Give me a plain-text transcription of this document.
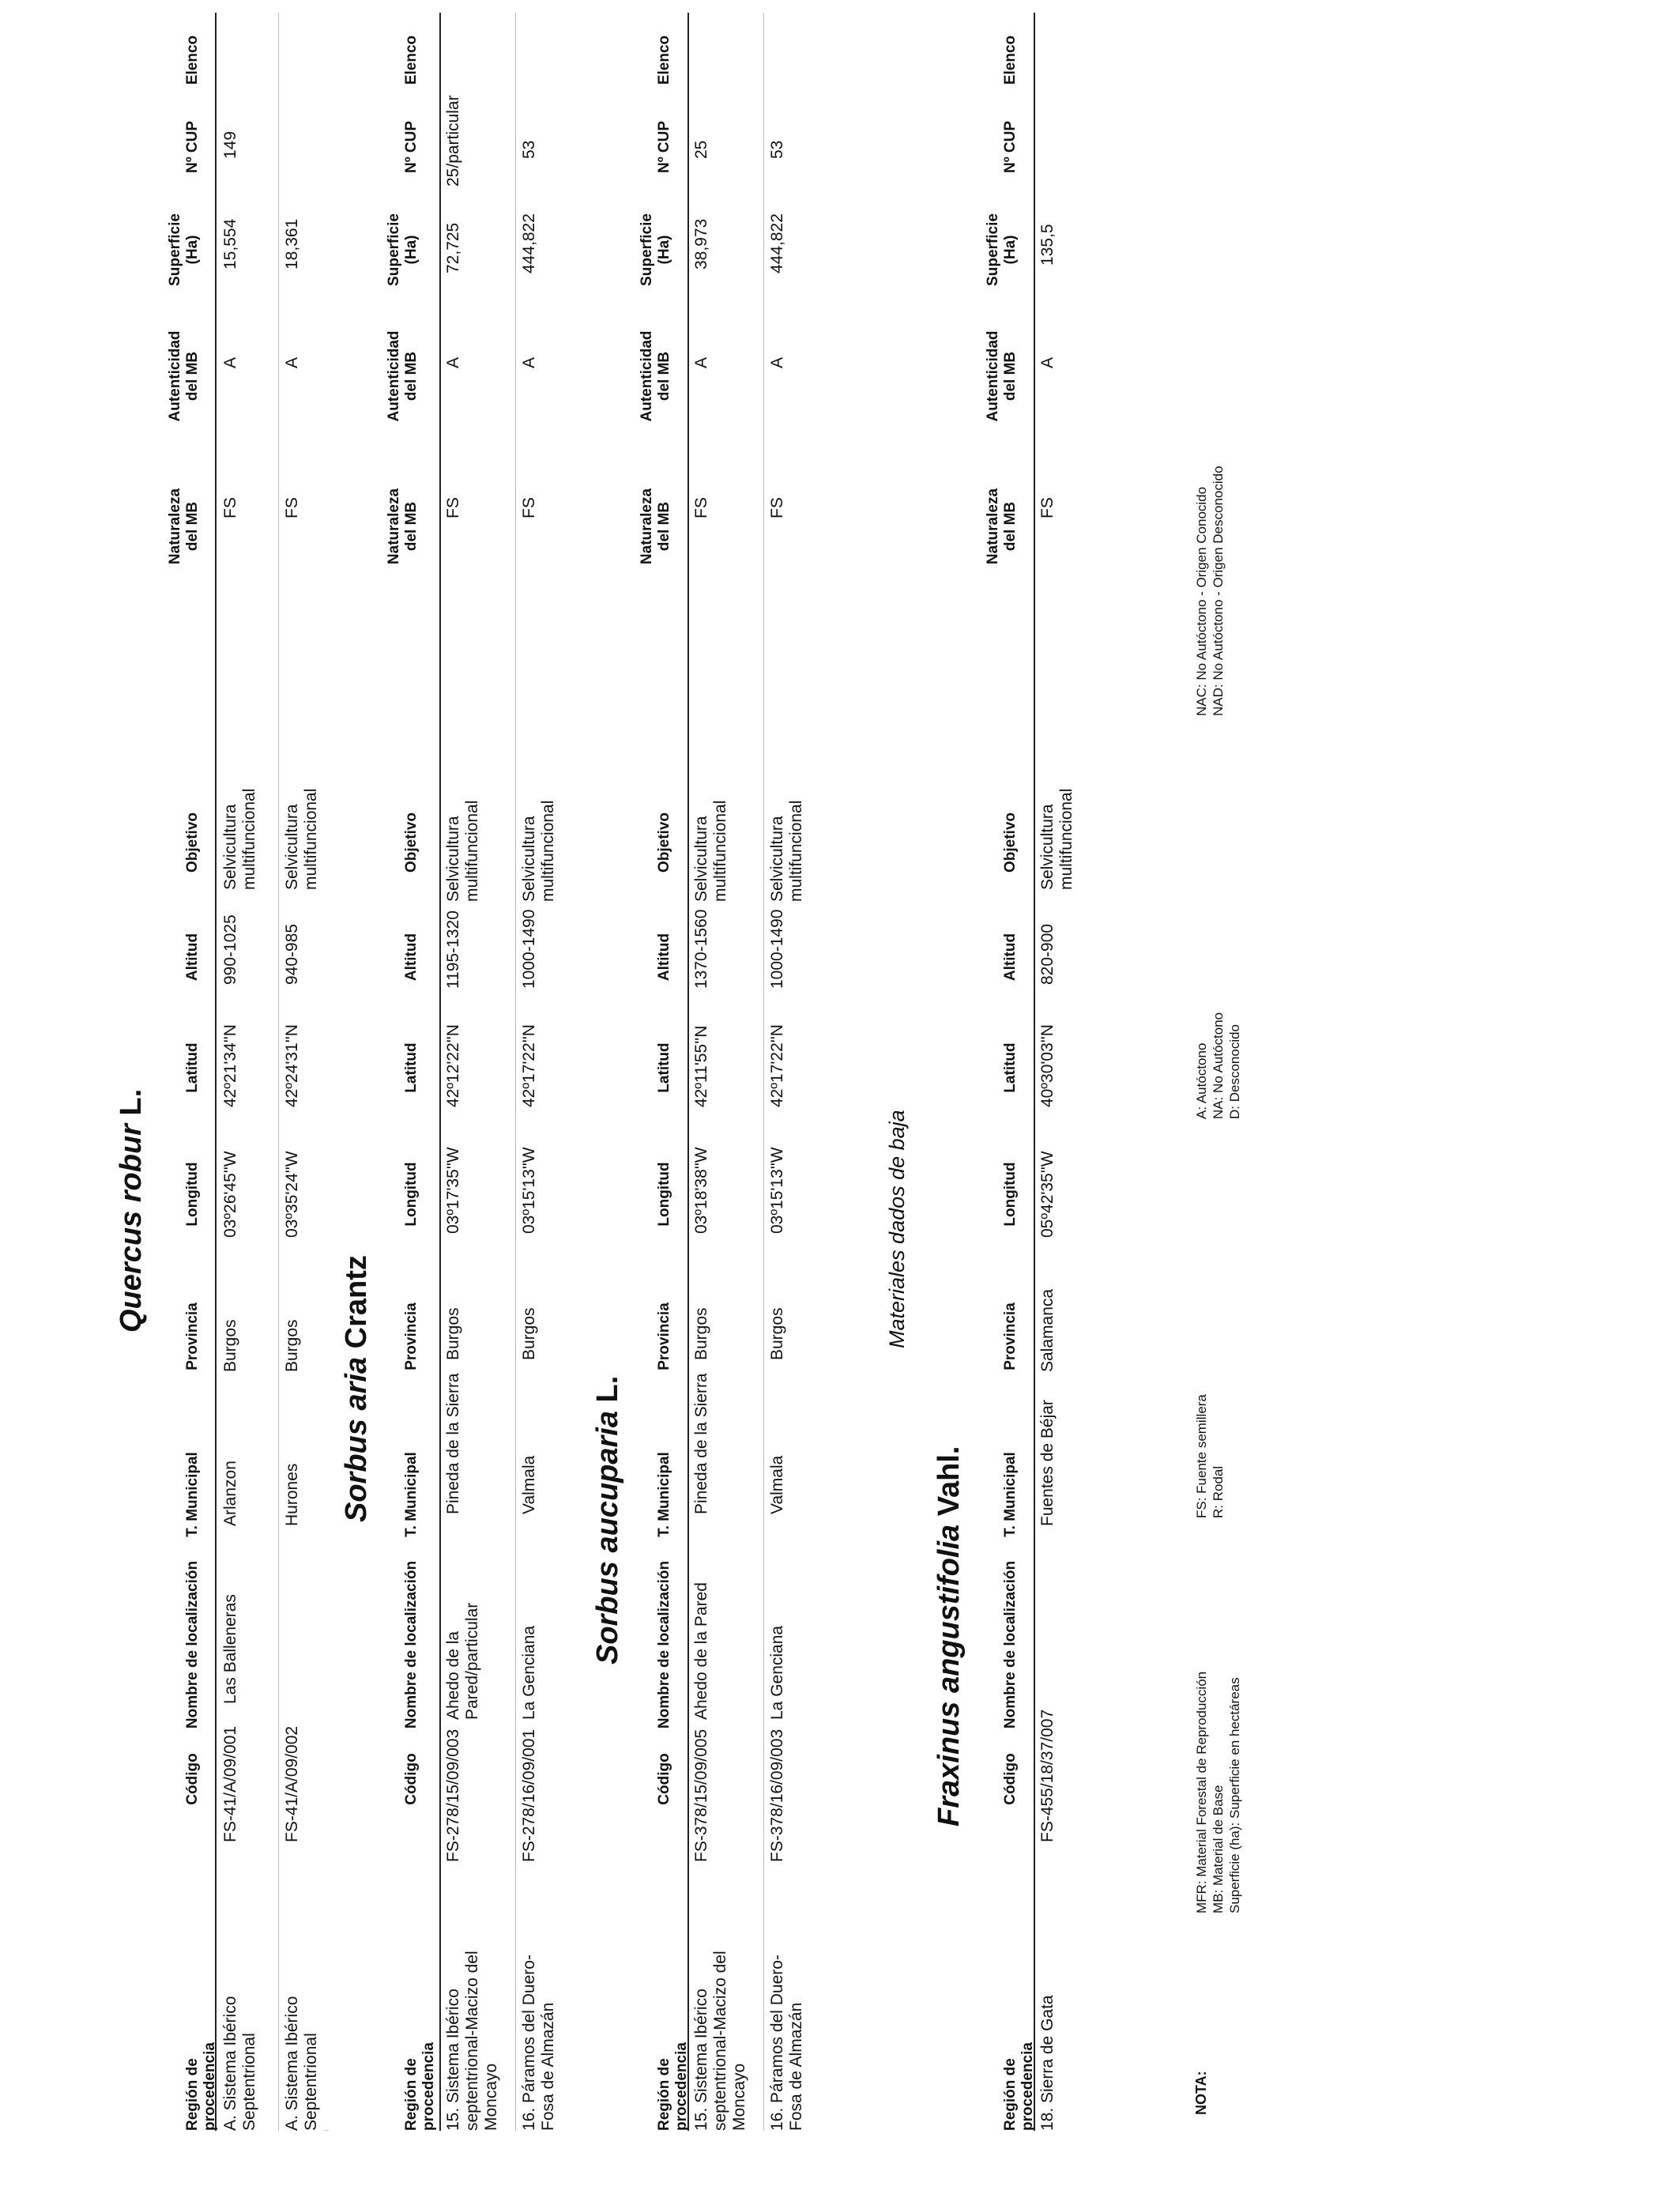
Quercus robur L.
Región de procedencia
Código
Nombre de localización
T. Municipal
Provincia
Longitud
Latitud
Altitud
Objetivo
Naturaleza del MB
Autenticidad del MB
Superficie (Ha)
Nº CUP
Elenco
A. Sistema Ibérico Septentrional
FS-41/A/09/001
Las Balleneras
Arlanzon
Burgos
03º26'45''W
42º21'34''N
990-1025
Selvicultura multifuncional
FS
A
15,554
149
A. Sistema Ibérico Septentrional
FS-41/A/09/002
Hurones
Burgos
03º35'24''W
42º24'31''N
940-985
Selvicultura multifuncional
FS
A
18,361
Sorbus aria Crantz
Región de procedencia
Código
Nombre de localización
T. Municipal
Provincia
Longitud
Latitud
Altitud
Objetivo
Naturaleza del MB
Autenticidad del MB
Superficie (Ha)
Nº CUP
Elenco
15. Sistema Ibérico septentrional-Macizo del Moncayo
FS-278/15/09/003
Ahedo de la Pared/particular
Pineda de la Sierra
Burgos
03º17'35''W
42º12'22''N
1195-1320
Selvicultura multifuncional
FS
A
72,725
25/particular
16. Páramos del Duero-Fosa de Almazán
FS-278/16/09/001
La Genciana
Valmala
Burgos
03º15'13''W
42º17'22''N
1000-1490
Selvicultura multifuncional
FS
A
444,822
53
Sorbus aucuparia L.
Región de procedencia
Código
Nombre de localización
T. Municipal
Provincia
Longitud
Latitud
Altitud
Objetivo
Naturaleza del MB
Autenticidad del MB
Superficie (Ha)
Nº CUP
Elenco
15. Sistema Ibérico septentrional-Macizo del Moncayo
FS-378/15/09/005
Ahedo de la Pared
Pineda de la Sierra
Burgos
03º18'38''W
42º11'55''N
1370-1560
Selvicultura multifuncional
FS
A
38,973
25
16. Páramos del Duero-Fosa de Almazán
FS-378/16/09/003
La Genciana
Valmala
Burgos
03º15'13''W
42º17'22''N
1000-1490
Selvicultura multifuncional
FS
A
444,822
53
Materiales dados de baja
Fraxinus angustifolia Vahl.
Región de procedencia
Código
Nombre de localización
T. Municipal
Provincia
Longitud
Latitud
Altitud
Objetivo
Naturaleza del MB
Autenticidad del MB
Superficie (Ha)
Nº CUP
Elenco
18. Sierra de Gata
FS-455/18/37/007
Fuentes de Béjar
Salamanca
05º42'35''W
40º30'03''N
820-900
Selvicultura multifuncional
FS
A
135,5
NOTA:
MFR: Material Forestal de Reproducción MB: Material de Base Superficie (ha): Superficie en hectáreas
FS: Fuente semillera R: Rodal
A: Autóctono NA: No Autóctono D: Desconocido
NAC: No Autóctono - Origen Conocido NAD: No Autóctono - Origen Desconocido
